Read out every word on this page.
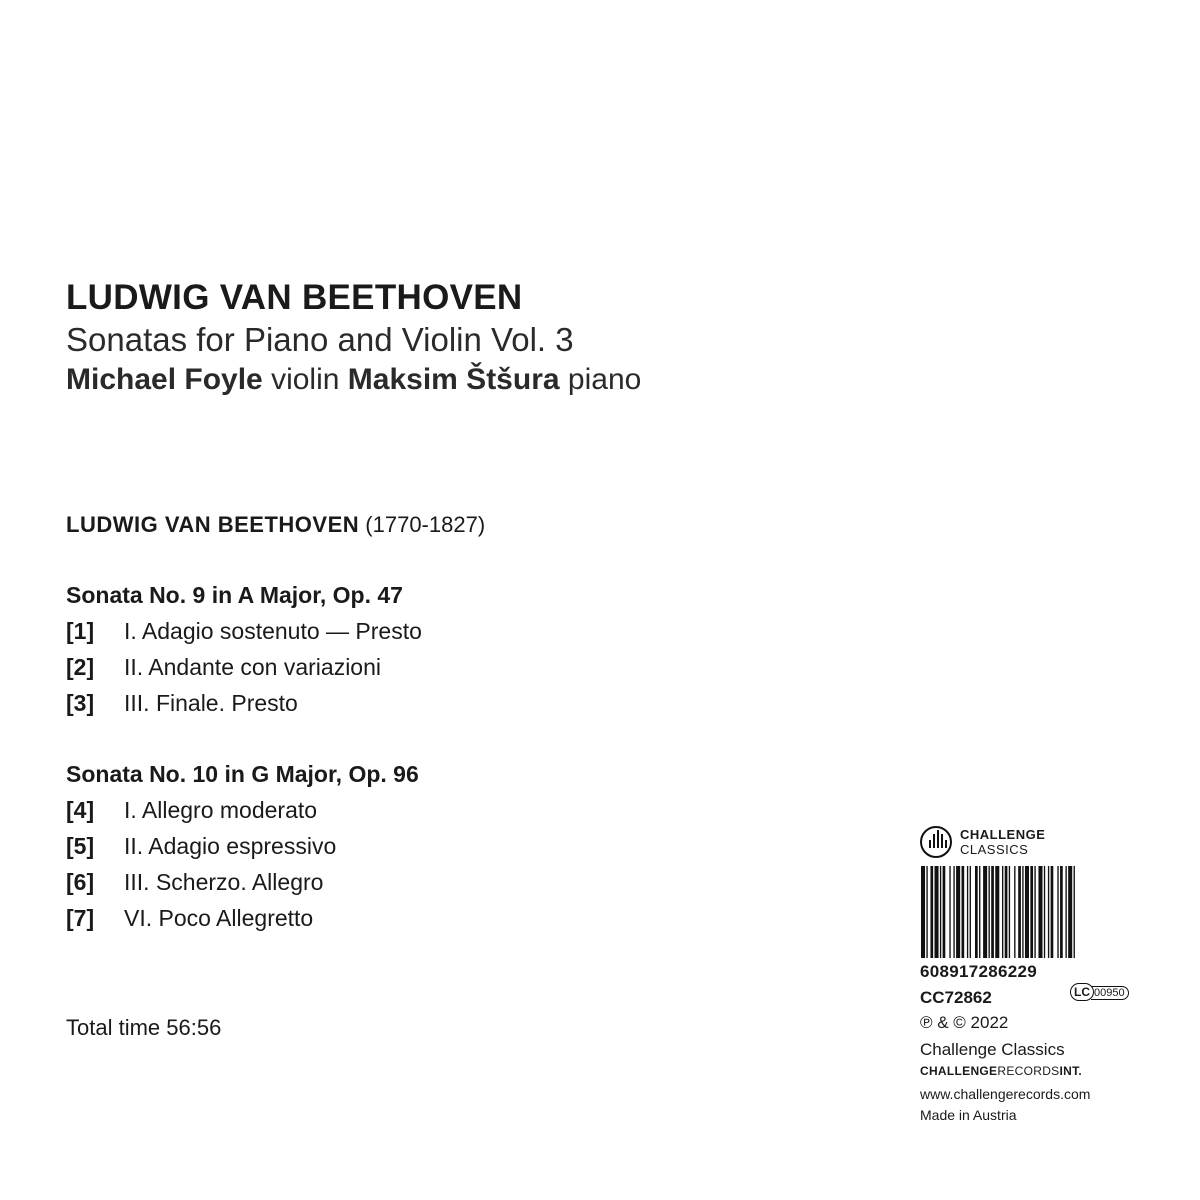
LUDWIG VAN BEETHOVEN
Sonatas for Piano and Violin Vol. 3
Michael Foyle violin Maksim Štšura piano
LUDWIG VAN BEETHOVEN (1770-1827)
Sonata No. 9 in A Major, Op. 47
[1] I. Adagio sostenuto — Presto
[2] II. Andante con variazioni
[3] III. Finale. Presto
Sonata No. 10 in G Major, Op. 96
[4] I. Allegro moderato
[5] II. Adagio espressivo
[6] III. Scherzo. Allegro
[7] VI. Poco Allegretto
Total time 56:56
CHALLENGE
CLASSICS
608917286229
CC72862	LC 00950
℗ & © 2022
Challenge Classics
CHALLENGERECORDSINT.
www.challengerecords.com
Made in Austria
